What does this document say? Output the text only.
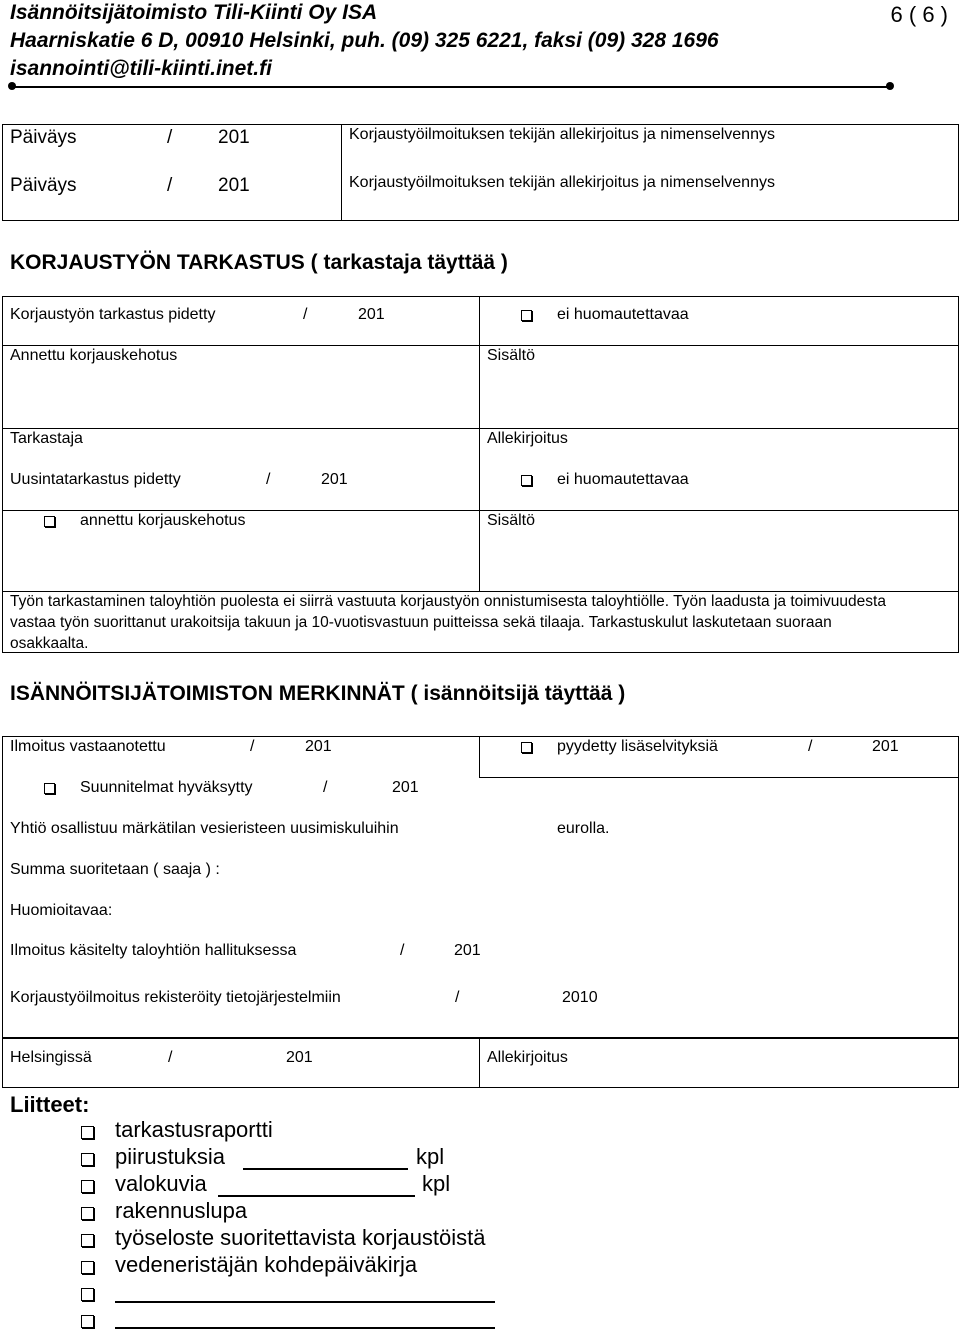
Isännöitsijätoimisto Tili-Kiinti Oy ISA
Haarniskatie 6 D, 00910 Helsinki, puh. (09) 325 6221, faksi (09) 328 1696
isannointi@tili-kiinti.inet.fi
6 ( 6 )
Päiväys	/ 201	Korjaustyöilmoituksen tekijän allekirjoitus ja nimenselvennys
Päiväys	/ 201	Korjaustyöilmoituksen tekijän allekirjoitus ja nimenselvennys
KORJAUSTYÖN TARKASTUS ( tarkastaja täyttää )
Korjaustyön tarkastus pidetty	/	201	ei huomautettavaa
Annettu korjauskehotus	Sisältö
Tarkastaja	Allekirjoitus
Uusintatarkastus pidetty	/	201	ei huomautettavaa
annettu korjauskehotus	Sisältö
Työn tarkastaminen taloyhtiön puolesta ei siirrä vastuuta korjaustyön onnistumisesta taloyhtiölle. Työn laadusta ja toimivuudesta vastaa työn suorittanut urakoitsija takuun ja 10-vuotisvastuun puitteissa sekä tilaaja. Tarkastuskulut laskutetaan suoraan osakkaalta.
ISÄNNÖITSIJÄTOIMISTON MERKINNÄT ( isännöitsijä täyttää )
Ilmoitus vastaanotettu	/	201	pyydetty lisäselvityksiä	/	201
Suunnitelmat hyväksytty	/	201
Yhtiö osallistuu märkätilan vesieristeen uusimiskuluihin	eurolla.
Summa suoritetaan ( saaja ) :
Huomioitavaa:
Ilmoitus käsitelty taloyhtiön hallituksessa	/	201
Korjaustyöilmoitus rekisteröity tietojärjestelmiin	/	2010
Helsingissä	/	201	Allekirjoitus
Liitteet:
tarkastusraportti
piirustuksia	kpl
valokuvia	kpl
rakennuslupa
työseloste suoritettavista korjaustöistä
vedeneristäjän kohdepäiväkirja
